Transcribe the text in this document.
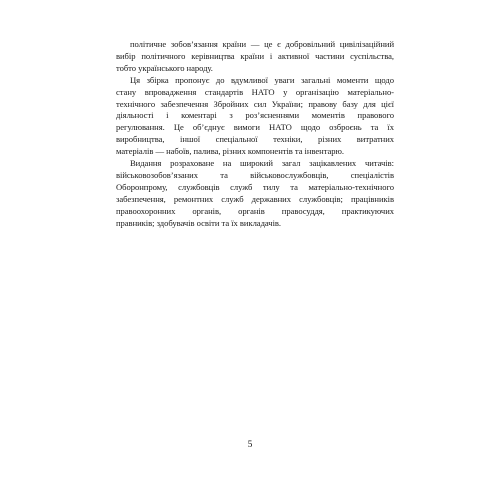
політичне зобов’язання країни — це є добровільний цивілізаційний
вибір політичного керівництва країни і активної частини суспільства,
тобто українського народу.

Ця збірка пропонує до вдумливої уваги загальні моменти щодо
стану впровадження стандартів НАТО у організацію матеріально-
технічного забезпечення Збройних сил України; правову базу для цієї
діяльності і коментарі з роз’ясненнями моментів правового
регулювання. Це об’єднує вимоги НАТО щодо озброєнь та їх
виробництва, іншої спеціальної техніки, різних витратних
матеріалів — набоїв, палива, різних компонентів та інвентарю.

Видання розраховане на широкий загал зацікавлених читачів:
військовозобов’язаних та військовослужбовців, спеціалістів
Оборонпрому, службовців служб тилу та матеріально-технічного
забезпечення, ремонтних служб державних службовців; працівників
правоохоронних органів, органів правосуддя, практикуючих
правників; здобувачів освіти та їх викладачів.

5
